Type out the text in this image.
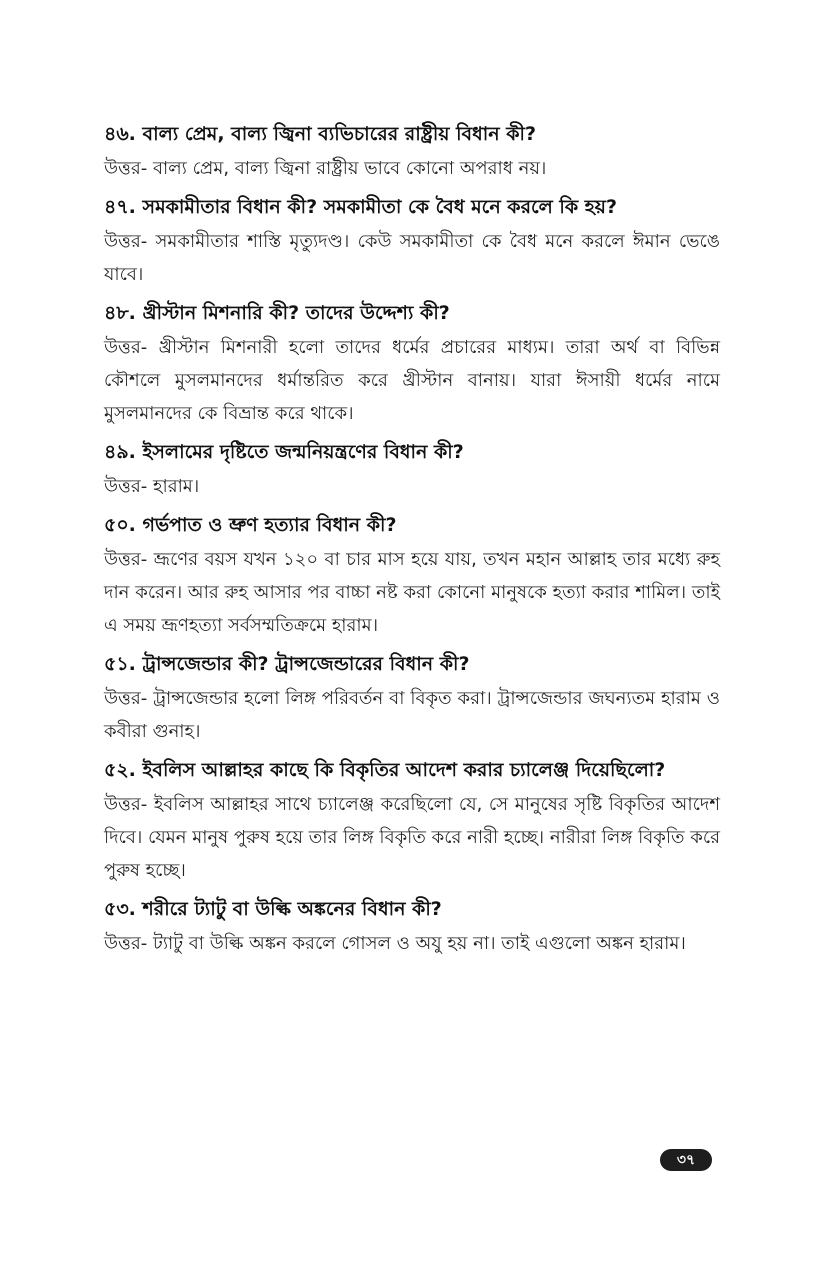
৪৬. বাল্য প্রেম, বাল্য জ্বিনা ব্যভিচারের রাষ্ট্রীয় বিধান কী?

উত্তর- বাল্য প্রেম, বাল্য জ্বিনা রাষ্ট্রীয় ভাবে কোনো অপরাধ নয়।

৪৭. সমকামীতার বিধান কী? সমকামীতা কে বৈধ মনে করলে কি হয়?

উত্তর- সমকামীতার শাস্তি মৃত্যুদণ্ড। কেউ সমকামীতা কে বৈধ মনে করলে ঈমান ভেঙে যাবে।

৪৮. খ্রীস্টান মিশনারি কী? তাদের উদ্দেশ্য কী?

উত্তর- খ্রীস্টান মিশনারী হলো তাদের ধর্মের প্রচারের মাধ্যম। তারা অর্থ বা বিভিন্ন কৌশলে মুসলমানদের ধর্মান্তরিত করে খ্রীস্টান বানায়। যারা ঈসায়ী ধর্মের নামে মুসলমানদের কে বিভ্রান্ত করে থাকে।

৪৯. ইসলামের দৃষ্টিতে জন্মনিয়ন্ত্রণের বিধান কী?

উত্তর- হারাম।

৫০. গর্ভপাত ও ভ্রুণ হত্যার বিধান কী?

উত্তর- ভ্রূণের বয়স যখন ১২০ বা চার মাস হয়ে যায়, তখন মহান আল্লাহ তার মধ্যে রুহ দান করেন। আর রুহ আসার পর বাচ্চা নষ্ট করা কোনো মানুষকে হত্যা করার শামিল। তাই এ সময় ভ্রূণহত্যা সর্বসম্মতিক্রমে হারাম।

৫১. ট্রান্সজেন্ডার কী? ট্রান্সজেন্ডারের বিধান কী?

উত্তর- ট্রান্সজেন্ডার হলো লিঙ্গ পরিবর্তন বা বিকৃত করা। ট্রান্সজেন্ডার জঘন্যতম হারাম ও কবীরা গুনাহ।

৫২. ইবলিস আল্লাহর কাছে কি বিকৃতির আদেশ করার চ্যালেঞ্জ দিয়েছিলো?

উত্তর- ইবলিস আল্লাহর সাথে চ্যালেঞ্জ করেছিলো যে, সে মানুষের সৃষ্টি বিকৃতির আদেশ দিবে। যেমন মানুষ পুরুষ হয়ে তার লিঙ্গ বিকৃতি করে নারী হচ্ছে। নারীরা লিঙ্গ বিকৃতি করে পুরুষ হচ্ছে।

৫৩. শরীরে ট্যাটু বা উল্কি অঙ্কনের বিধান কী?

উত্তর- ট্যাটু বা উল্কি অঙ্কন করলে গোসল ও অযু হয় না। তাই এগুলো অঙ্কন হারাম।

৩৭
